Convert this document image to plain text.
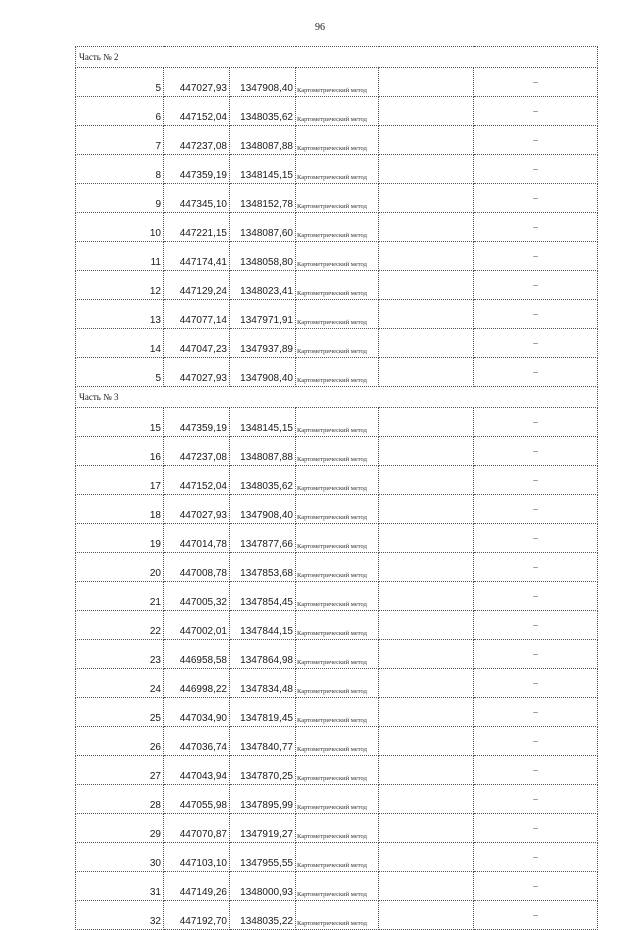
96
Часть № 2					
5	447027,93	1347908,40	Картометрический метод		–
6	447152,04	1348035,62	Картометрический метод		–
7	447237,08	1348087,88	Картометрический метод		–
8	447359,19	1348145,15	Картометрический метод		–
9	447345,10	1348152,78	Картометрический метод		–
10	447221,15	1348087,60	Картометрический метод		–
11	447174,41	1348058,80	Картометрический метод		–
12	447129,24	1348023,41	Картометрический метод		–
13	447077,14	1347971,91	Картометрический метод		–
14	447047,23	1347937,89	Картометрический метод		–
5	447027,93	1347908,40	Картометрический метод		–
Часть № 3					
15	447359,19	1348145,15	Картометрический метод		–
16	447237,08	1348087,88	Картометрический метод		–
17	447152,04	1348035,62	Картометрический метод		–
18	447027,93	1347908,40	Картометрический метод		–
19	447014,78	1347877,66	Картометрический метод		–
20	447008,78	1347853,68	Картометрический метод		–
21	447005,32	1347854,45	Картометрический метод		–
22	447002,01	1347844,15	Картометрический метод		–
23	446958,58	1347864,98	Картометрический метод		–
24	446998,22	1347834,48	Картометрический метод		–
25	447034,90	1347819,45	Картометрический метод		–
26	447036,74	1347840,77	Картометрический метод		–
27	447043,94	1347870,25	Картометрический метод		–
28	447055,98	1347895,99	Картометрический метод		–
29	447070,87	1347919,27	Картометрический метод		–
30	447103,10	1347955,55	Картометрический метод		–
31	447149,26	1348000,93	Картометрический метод		–
32	447192,70	1348035,22	Картометрический метод		–
